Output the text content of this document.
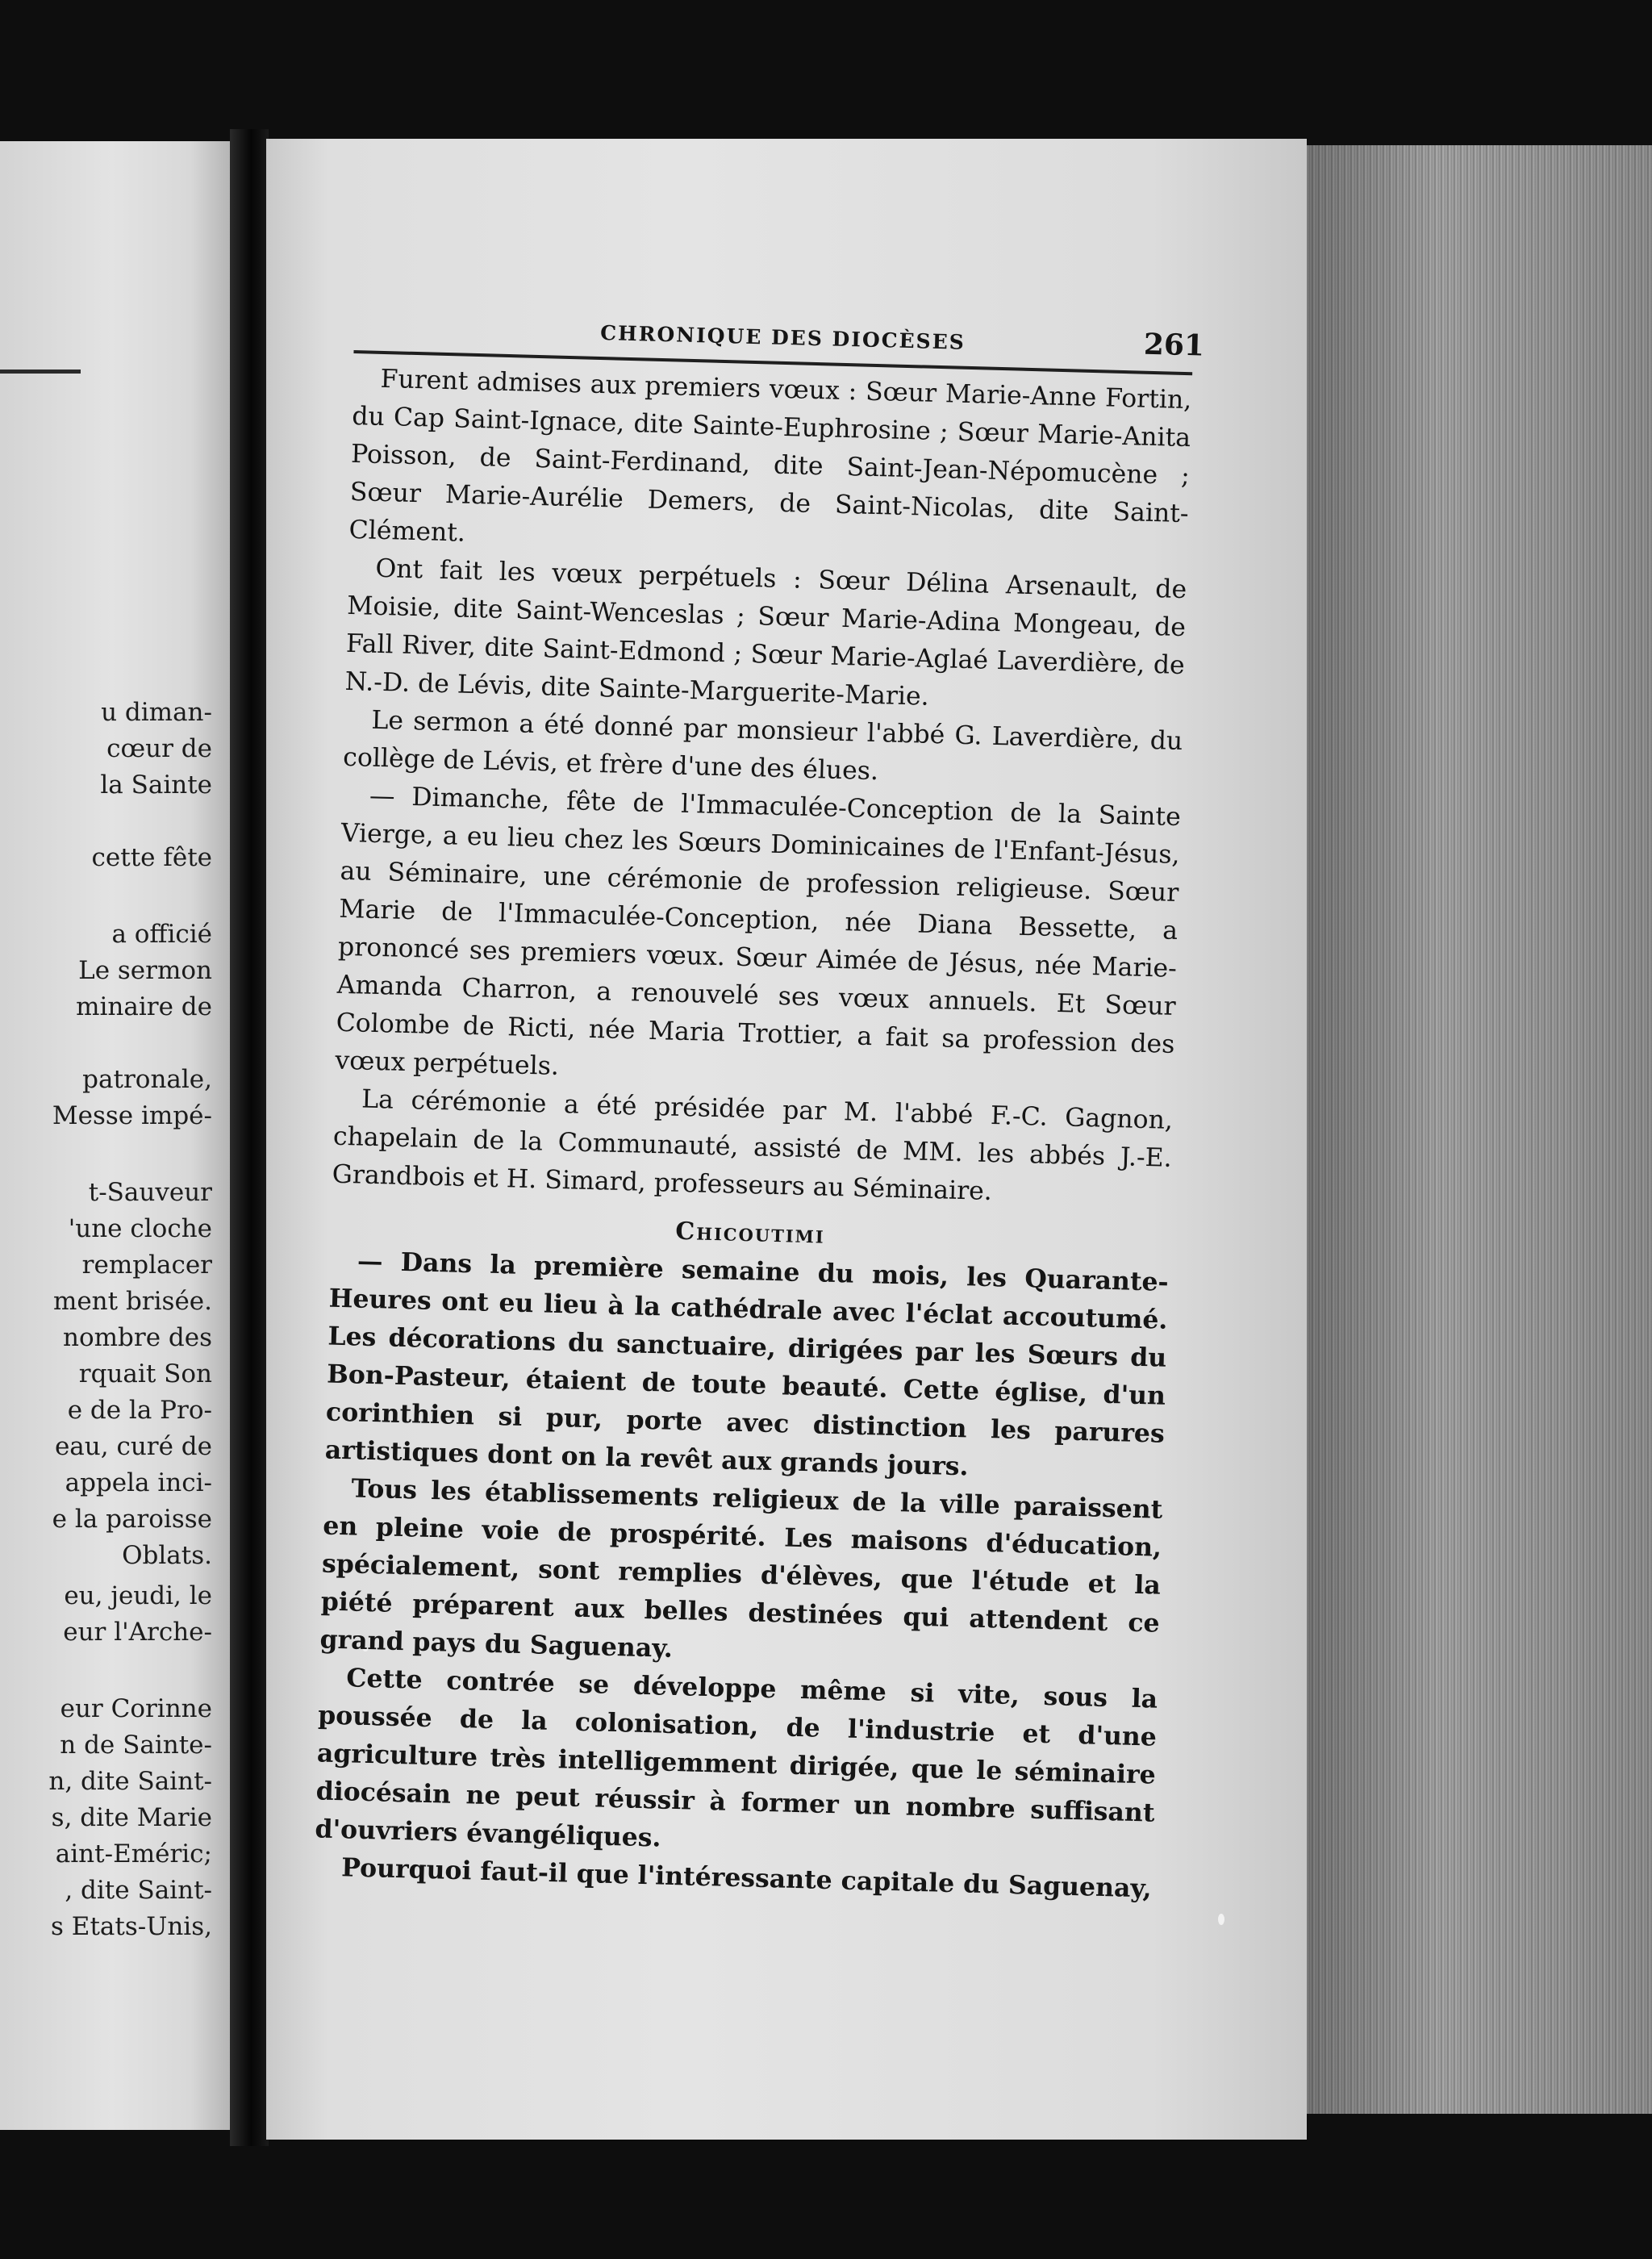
u diman-
cœur de
la Sainte
cette fête
a officié
Le sermon
minaire de
patronale,
Messe impé-
t-Sauveur
'une cloche
remplacer
ment brisée.
nombre des
rquait Son
e de la Pro-
eau, curé de
appela inci-
e la paroisse
Oblats.
eu, jeudi, le
eur l'Arche-
eur Corinne
n de Sainte-
n, dite Saint-
s, dite Marie
aint-Eméric;
, dite Saint-
s Etats-Unis,
CHRONIQUE DES DIOCÈSES	261

Furent admises aux premiers vœux : Sœur Marie-Anne Fortin, du Cap Saint-Ignace, dite Sainte-Euphrosine ; Sœur Marie-Anita Poisson, de Saint-Ferdinand, dite Saint-Jean-Népomucène ; Sœur Marie-Aurélie Demers, de Saint-Nicolas, dite Saint-Clément.

Ont fait les vœux perpétuels : Sœur Délina Arsenault, de Moisie, dite Saint-Wenceslas ; Sœur Marie-Adina Mongeau, de Fall River, dite Saint-Edmond ; Sœur Marie-Aglaé Laverdière, de N.-D. de Lévis, dite Sainte-Marguerite-Marie.

Le sermon a été donné par monsieur l'abbé G. Laverdière, du collège de Lévis, et frère d'une des élues.

— Dimanche, fête de l'Immaculée-Conception de la Sainte Vierge, a eu lieu chez les Sœurs Dominicaines de l'Enfant-Jésus, au Séminaire, une cérémonie de profession religieuse. Sœur Marie de l'Immaculée-Conception, née Diana Bessette, a prononcé ses premiers vœux. Sœur Aimée de Jésus, née Marie-Amanda Charron, a renouvelé ses vœux annuels. Et Sœur Colombe de Ricti, née Maria Trottier, a fait sa profession des vœux perpétuels.

La cérémonie a été présidée par M. l'abbé F.-C. Gagnon, chapelain de la Communauté, assisté de MM. les abbés J.-E. Grandbois et H. Simard, professeurs au Séminaire.

Chicoutimi

— Dans la première semaine du mois, les Quarante-Heures ont eu lieu à la cathédrale avec l'éclat accoutumé. Les décorations du sanctuaire, dirigées par les Sœurs du Bon-Pasteur, étaient de toute beauté. Cette église, d'un corinthien si pur, porte avec distinction les parures artistiques dont on la revêt aux grands jours.

Tous les établissements religieux de la ville paraissent en pleine voie de prospérité. Les maisons d'éducation, spécialement, sont remplies d'élèves, que l'étude et la piété préparent aux belles destinées qui attendent ce grand pays du Saguenay.

Cette contrée se développe même si vite, sous la poussée de la colonisation, de l'industrie et d'une agriculture très intelligemment dirigée, que le séminaire diocésain ne peut réussir à former un nombre suffisant d'ouvriers évangéliques.

Pourquoi faut-il que l'intéressante capitale du Saguenay,
